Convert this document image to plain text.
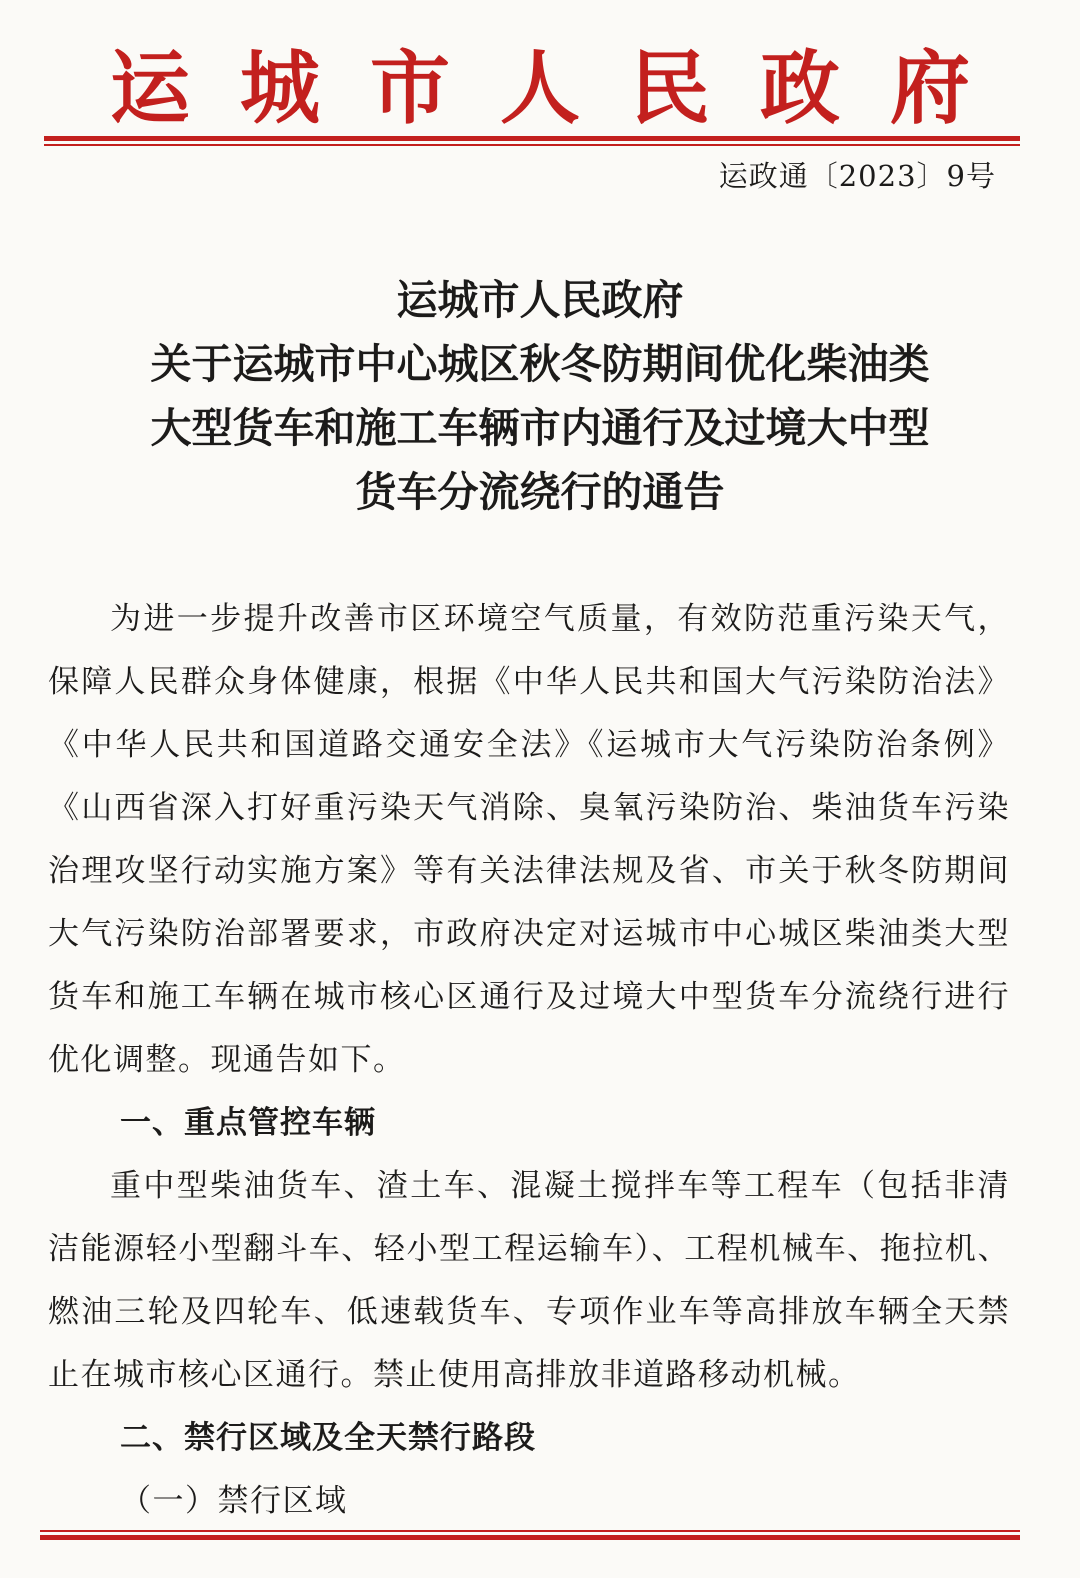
运 城 市 人 民 政 府
运政通〔2023〕9号
运城市人民政府
关于运城市中心城区秋冬防期间优化柴油类
大型货车和施工车辆市内通行及过境大中型
货车分流绕行的通告

为进一步提升改善市区环境空气质量，有效防范重污染天气，保障人民群众身体健康，根据《中华人民共和国大气污染防治法》《中华人民共和国道路交通安全法》《运城市大气污染防治条例》《山西省深入打好重污染天气消除、臭氧污染防治、柴油货车污染治理攻坚行动实施方案》等有关法律法规及省、市关于秋冬防期间大气污染防治部署要求，市政府决定对运城市中心城区柴油类大型货车和施工车辆在城市核心区通行及过境大中型货车分流绕行进行优化调整。现通告如下。

一、重点管控车辆

重中型柴油货车、渣土车、混凝土搅拌车等工程车（包括非清洁能源轻小型翻斗车、轻小型工程运输车）、工程机械车、拖拉机、燃油三轮及四轮车、低速载货车、专项作业车等高排放车辆全天禁止在城市核心区通行。禁止使用高排放非道路移动机械。

二、禁行区域及全天禁行路段

（一）禁行区域
